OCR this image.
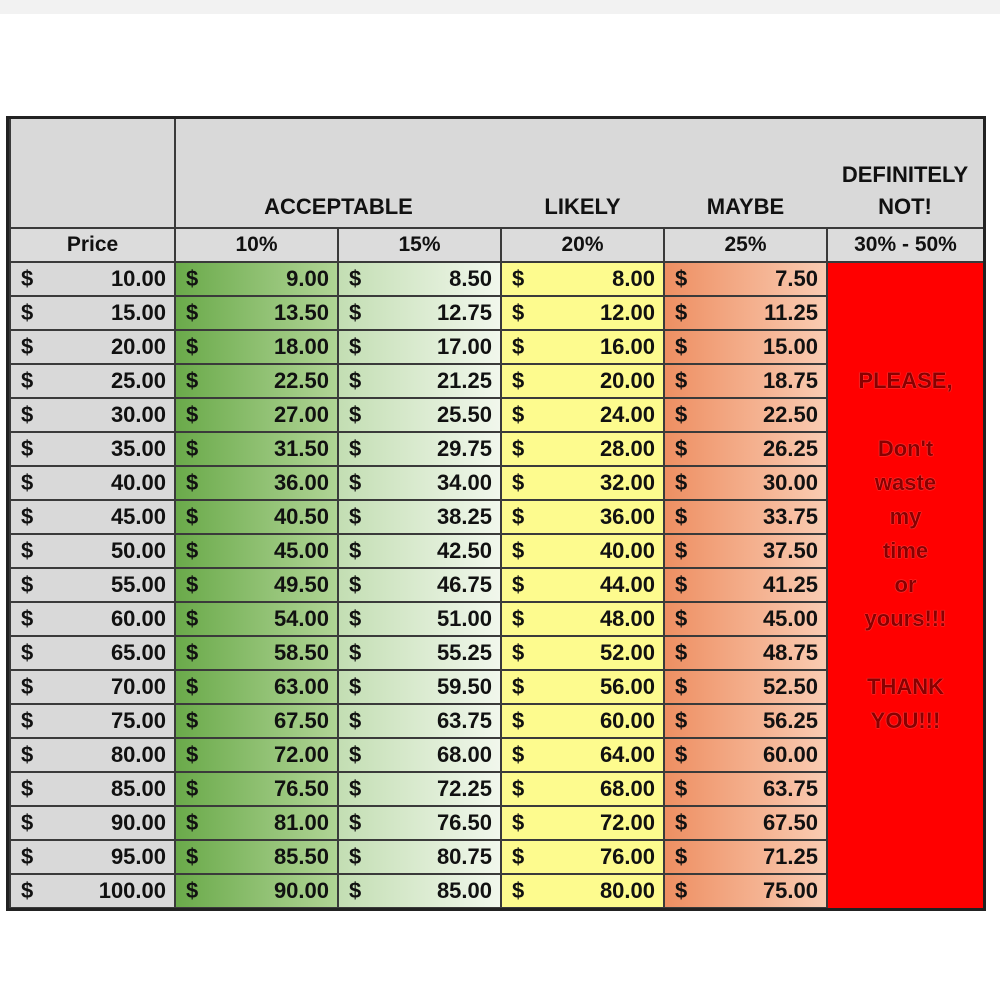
	ACCEPTABLE		LIKELY	MAYBE	DEFINITELY
NOT!

Price	10%	15%	20%	25%	30% - 50%

$ 10.00	$ 9.00	$ 8.50	$ 8.00	$ 7.50	

$ 15.00	$ 13.50	$ 12.75	$ 12.00	$ 11.25	

$ 20.00	$ 18.00	$ 17.00	$ 16.00	$ 15.00	

$ 25.00	$ 22.50	$ 21.25	$ 20.00	$ 18.75	PLEASE,

$ 30.00	$ 27.00	$ 25.50	$ 24.00	$ 22.50	

$ 35.00	$ 31.50	$ 29.75	$ 28.00	$ 26.25	Don't

$ 40.00	$ 36.00	$ 34.00	$ 32.00	$ 30.00	waste

$ 45.00	$ 40.50	$ 38.25	$ 36.00	$ 33.75	my

$ 50.00	$ 45.00	$ 42.50	$ 40.00	$ 37.50	time

$ 55.00	$ 49.50	$ 46.75	$ 44.00	$ 41.25	or

$ 60.00	$ 54.00	$ 51.00	$ 48.00	$ 45.00	yours!!!

$ 65.00	$ 58.50	$ 55.25	$ 52.00	$ 48.75	

$ 70.00	$ 63.00	$ 59.50	$ 56.00	$ 52.50	THANK

$ 75.00	$ 67.50	$ 63.75	$ 60.00	$ 56.25	YOU!!!

$ 80.00	$ 72.00	$ 68.00	$ 64.00	$ 60.00	

$ 85.00	$ 76.50	$ 72.25	$ 68.00	$ 63.75	

$ 90.00	$ 81.00	$ 76.50	$ 72.00	$ 67.50	

$ 95.00	$ 85.50	$ 80.75	$ 76.00	$ 71.25	

$ 100.00	$ 90.00	$ 85.00	$ 80.00	$ 75.00	
